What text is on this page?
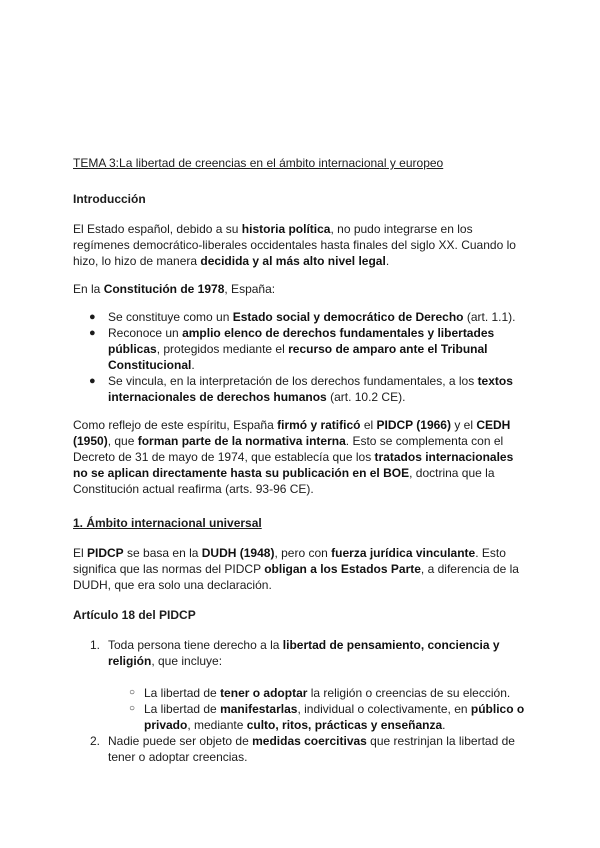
TEMA 3:La libertad de creencias en el ámbito internacional y europeo

Introducción

El Estado español, debido a su historia política, no pudo integrarse en los regímenes democrático-liberales occidentales hasta finales del siglo XX. Cuando lo hizo, lo hizo de manera decidida y al más alto nivel legal.

En la Constitución de 1978, España:

● Se constituye como un Estado social y democrático de Derecho (art. 1.1).
● Reconoce un amplio elenco de derechos fundamentales y libertades públicas, protegidos mediante el recurso de amparo ante el Tribunal Constitucional.
● Se vincula, en la interpretación de los derechos fundamentales, a los textos internacionales de derechos humanos (art. 10.2 CE).

Como reflejo de este espíritu, España firmó y ratificó el PIDCP (1966) y el CEDH (1950), que forman parte de la normativa interna. Esto se complementa con el Decreto de 31 de mayo de 1974, que establecía que los tratados internacionales no se aplican directamente hasta su publicación en el BOE, doctrina que la Constitución actual reafirma (arts. 93-96 CE).

1. Ámbito internacional universal

El PIDCP se basa en la DUDH (1948), pero con fuerza jurídica vinculante. Esto significa que las normas del PIDCP obligan a los Estados Parte, a diferencia de la DUDH, que era solo una declaración.

Artículo 18 del PIDCP

1. Toda persona tiene derecho a la libertad de pensamiento, conciencia y religión, que incluye:
○ La libertad de tener o adoptar la religión o creencias de su elección.
○ La libertad de manifestarlas, individual o colectivamente, en público o privado, mediante culto, ritos, prácticas y enseñanza.
2. Nadie puede ser objeto de medidas coercitivas que restrinjan la libertad de tener o adoptar creencias.
